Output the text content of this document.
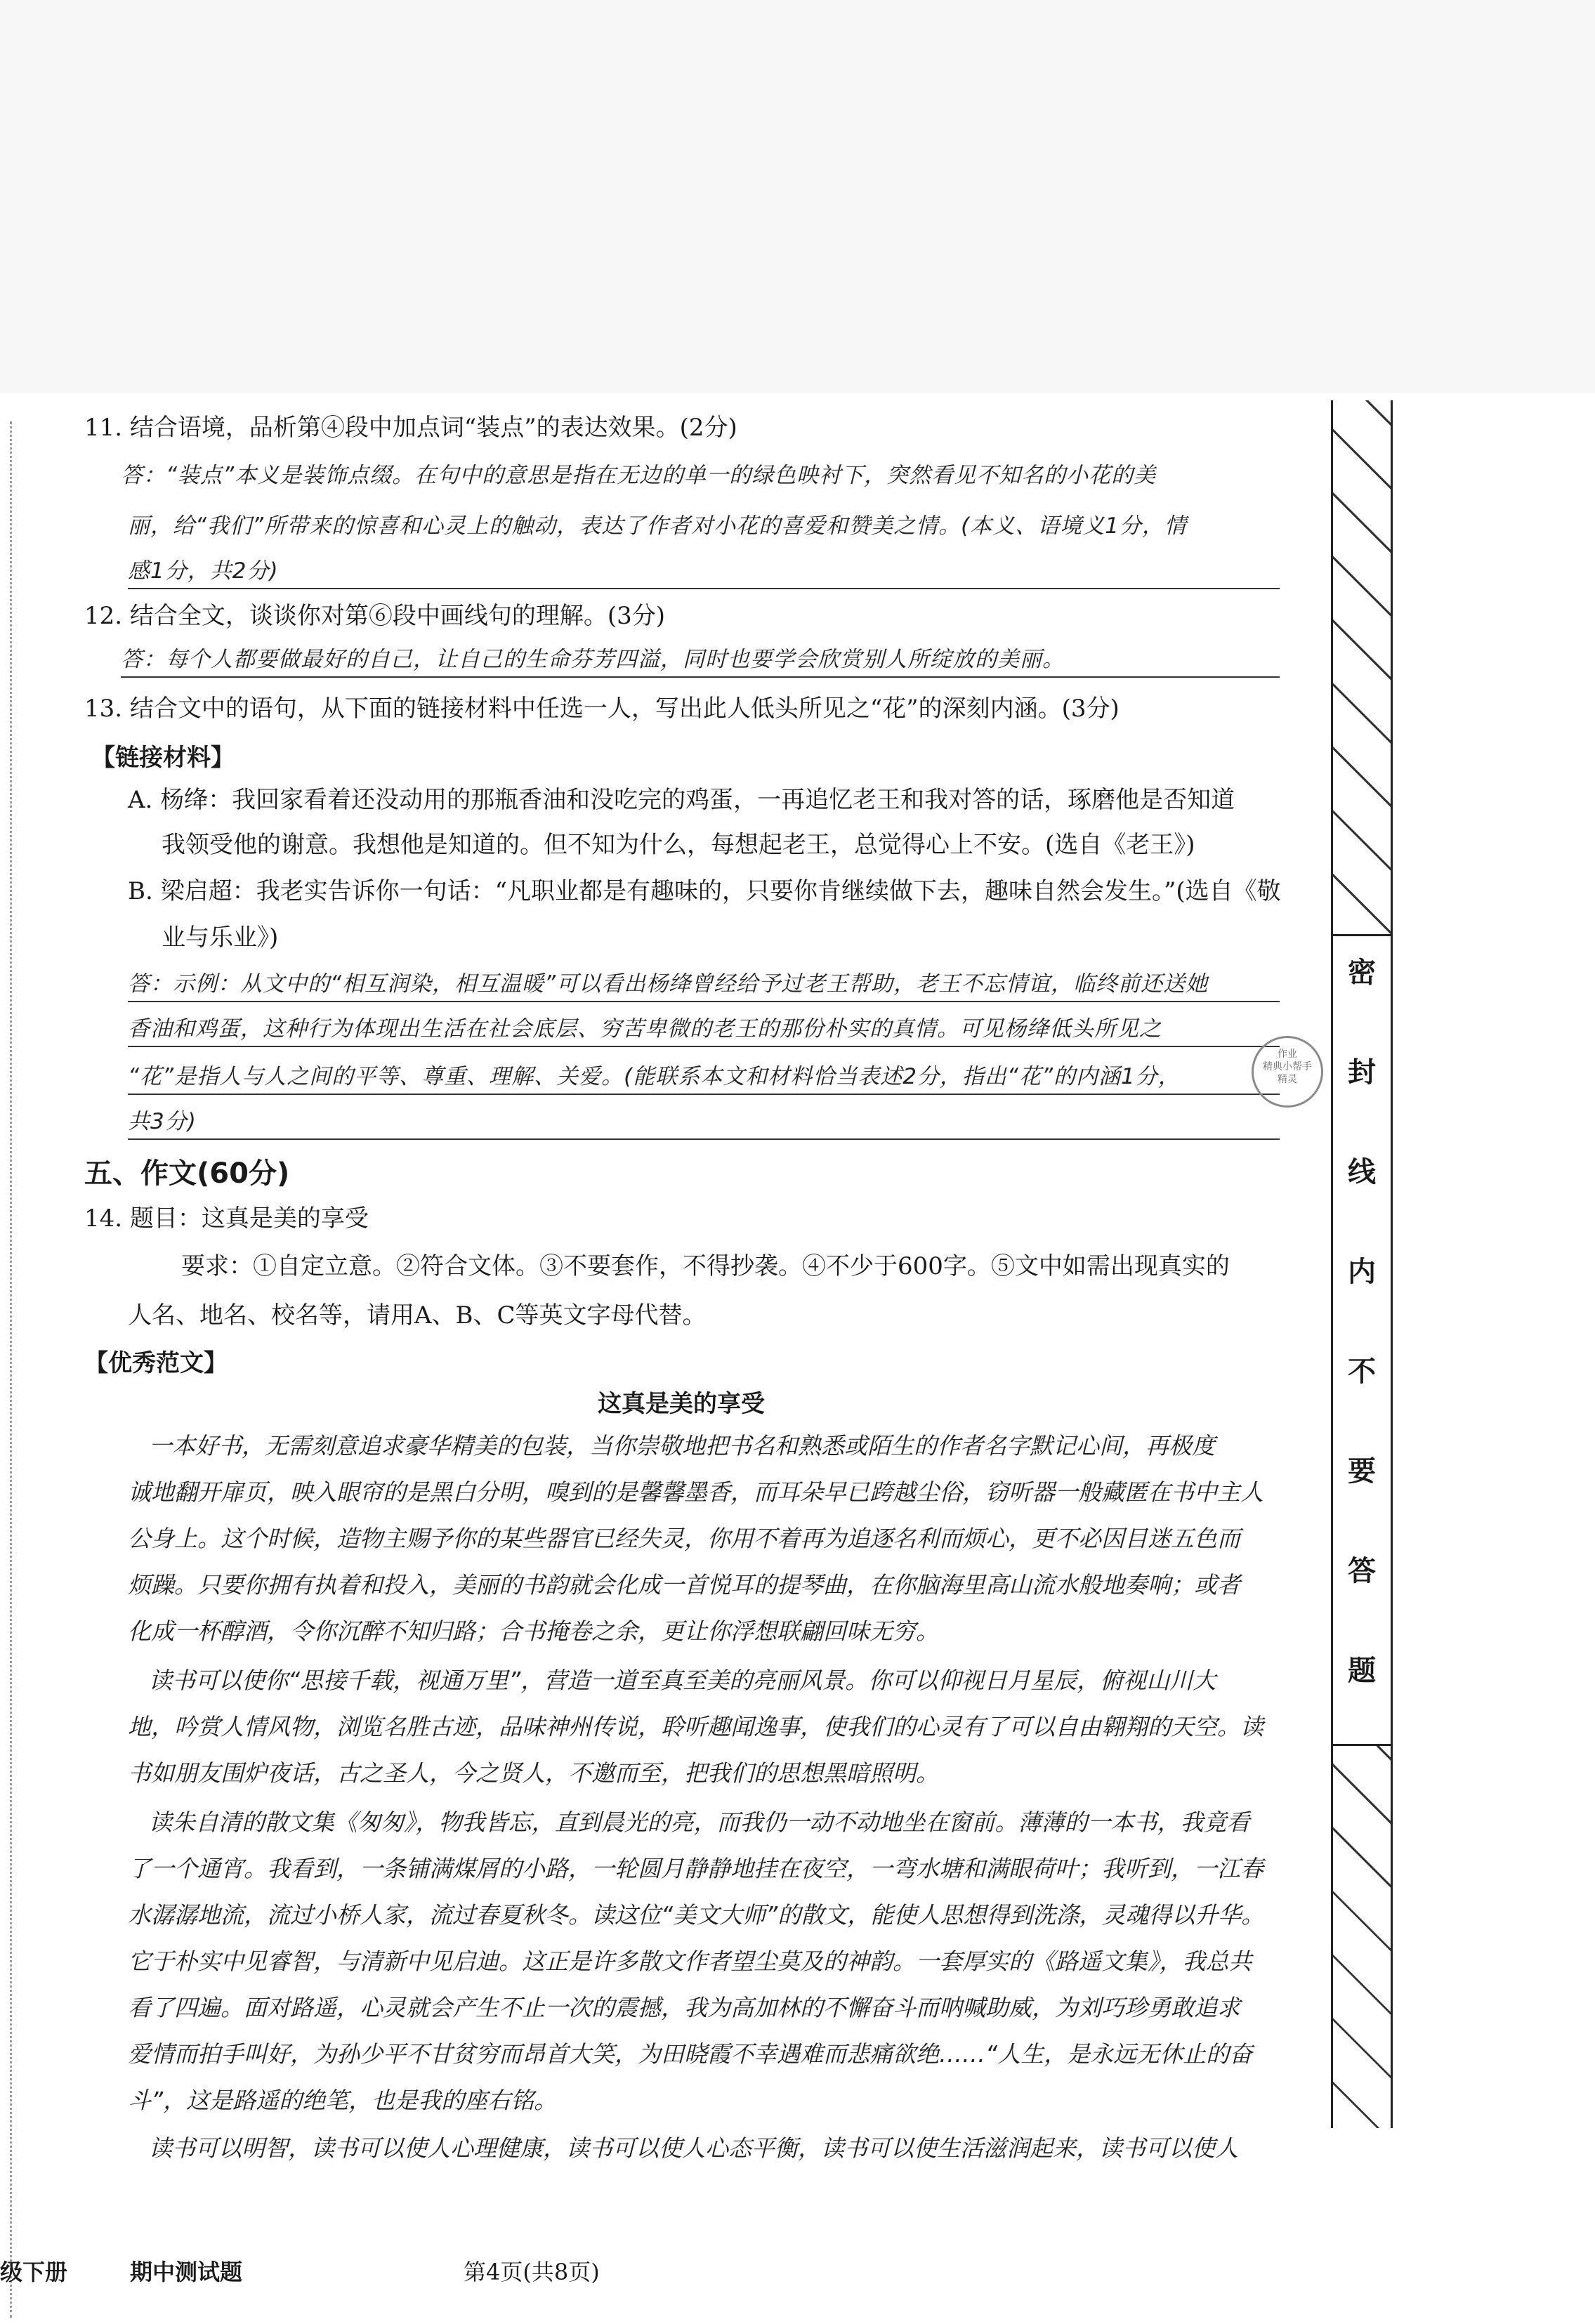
11. 结合语境，品析第④段中加点词“装点”的表达效果。(2分)
答：“装点”本义是装饰点缀。在句中的意思是指在无边的单一的绿色映衬下，突然看见不知名的小花的美
丽，给“我们”所带来的惊喜和心灵上的触动，表达了作者对小花的喜爱和赞美之情。(本义、语境义1分，情
感1分，共2分)
12. 结合全文，谈谈你对第⑥段中画线句的理解。(3分)
答：每个人都要做最好的自己，让自己的生命芬芳四溢，同时也要学会欣赏别人所绽放的美丽。
13. 结合文中的语句，从下面的链接材料中任选一人，写出此人低头所见之“花”的深刻内涵。(3分)
【链接材料】
A. 杨绛：我回家看着还没动用的那瓶香油和没吃完的鸡蛋，一再追忆老王和我对答的话，琢磨他是否知道
我领受他的谢意。我想他是知道的。但不知为什么，每想起老王，总觉得心上不安。(选自《老王》)
B. 梁启超：我老实告诉你一句话：“凡职业都是有趣味的，只要你肯继续做下去，趣味自然会发生。”(选自《敬
业与乐业》)
答：示例：从文中的“相互润染，相互温暖”可以看出杨绛曾经给予过老王帮助，老王不忘情谊，临终前还送她
香油和鸡蛋，这种行为体现出生活在社会底层、穷苦卑微的老王的那份朴实的真情。可见杨绛低头所见之
“花”是指人与人之间的平等、尊重、理解、关爱。(能联系本文和材料恰当表述2分，指出“花”的内涵1分，
共3分)
五、作文(60分)
14. 题目：这真是美的享受
要求：①自定立意。②符合文体。③不要套作，不得抄袭。④不少于600字。⑤文中如需出现真实的
人名、地名、校名等，请用A、B、C等英文字母代替。
【优秀范文】
这真是美的享受
一本好书，无需刻意追求豪华精美的包装，当你崇敬地把书名和熟悉或陌生的作者名字默记心间，再极度
诚地翻开扉页，映入眼帘的是黑白分明，嗅到的是馨馨墨香，而耳朵早已跨越尘俗，窃听器一般藏匿在书中主人
公身上。这个时候，造物主赐予你的某些器官已经失灵，你用不着再为追逐名利而烦心，更不必因目迷五色而
烦躁。只要你拥有执着和投入，美丽的书韵就会化成一首悦耳的提琴曲，在你脑海里高山流水般地奏响；或者
化成一杯醇酒，令你沉醉不知归路；合书掩卷之余，更让你浮想联翩回味无穷。
读书可以使你“思接千载，视通万里”，营造一道至真至美的亮丽风景。你可以仰视日月星辰，俯视山川大
地，吟赏人情风物，浏览名胜古迹，品味神州传说，聆听趣闻逸事，使我们的心灵有了可以自由翱翔的天空。读
书如朋友围炉夜话，古之圣人，今之贤人，不邀而至，把我们的思想黑暗照明。
读朱自清的散文集《匆匆》，物我皆忘，直到晨光的亮，而我仍一动不动地坐在窗前。薄薄的一本书，我竟看
了一个通宵。我看到，一条铺满煤屑的小路，一轮圆月静静地挂在夜空，一弯水塘和满眼荷叶；我听到，一江春
水潺潺地流，流过小桥人家，流过春夏秋冬。读这位“美文大师”的散文，能使人思想得到洗涤，灵魂得以升华。
它于朴实中见睿智，与清新中见启迪。这正是许多散文作者望尘莫及的神韵。一套厚实的《路遥文集》，我总共
看了四遍。面对路遥，心灵就会产生不止一次的震撼，我为高加林的不懈奋斗而呐喊助威，为刘巧珍勇敢追求
爱情而拍手叫好，为孙少平不甘贫穷而昂首大笑，为田晓霞不幸遇难而悲痛欲绝……“人生，是永远无休止的奋
斗”，这是路遥的绝笔，也是我的座右铭。
读书可以明智，读书可以使人心理健康，读书可以使人心态平衡，读书可以使生活滋润起来，读书可以使人
作业
精典小帮手
精灵
密
封
线
内
不
要
答
题
级下册	期中测试题	第4页(共8页)
